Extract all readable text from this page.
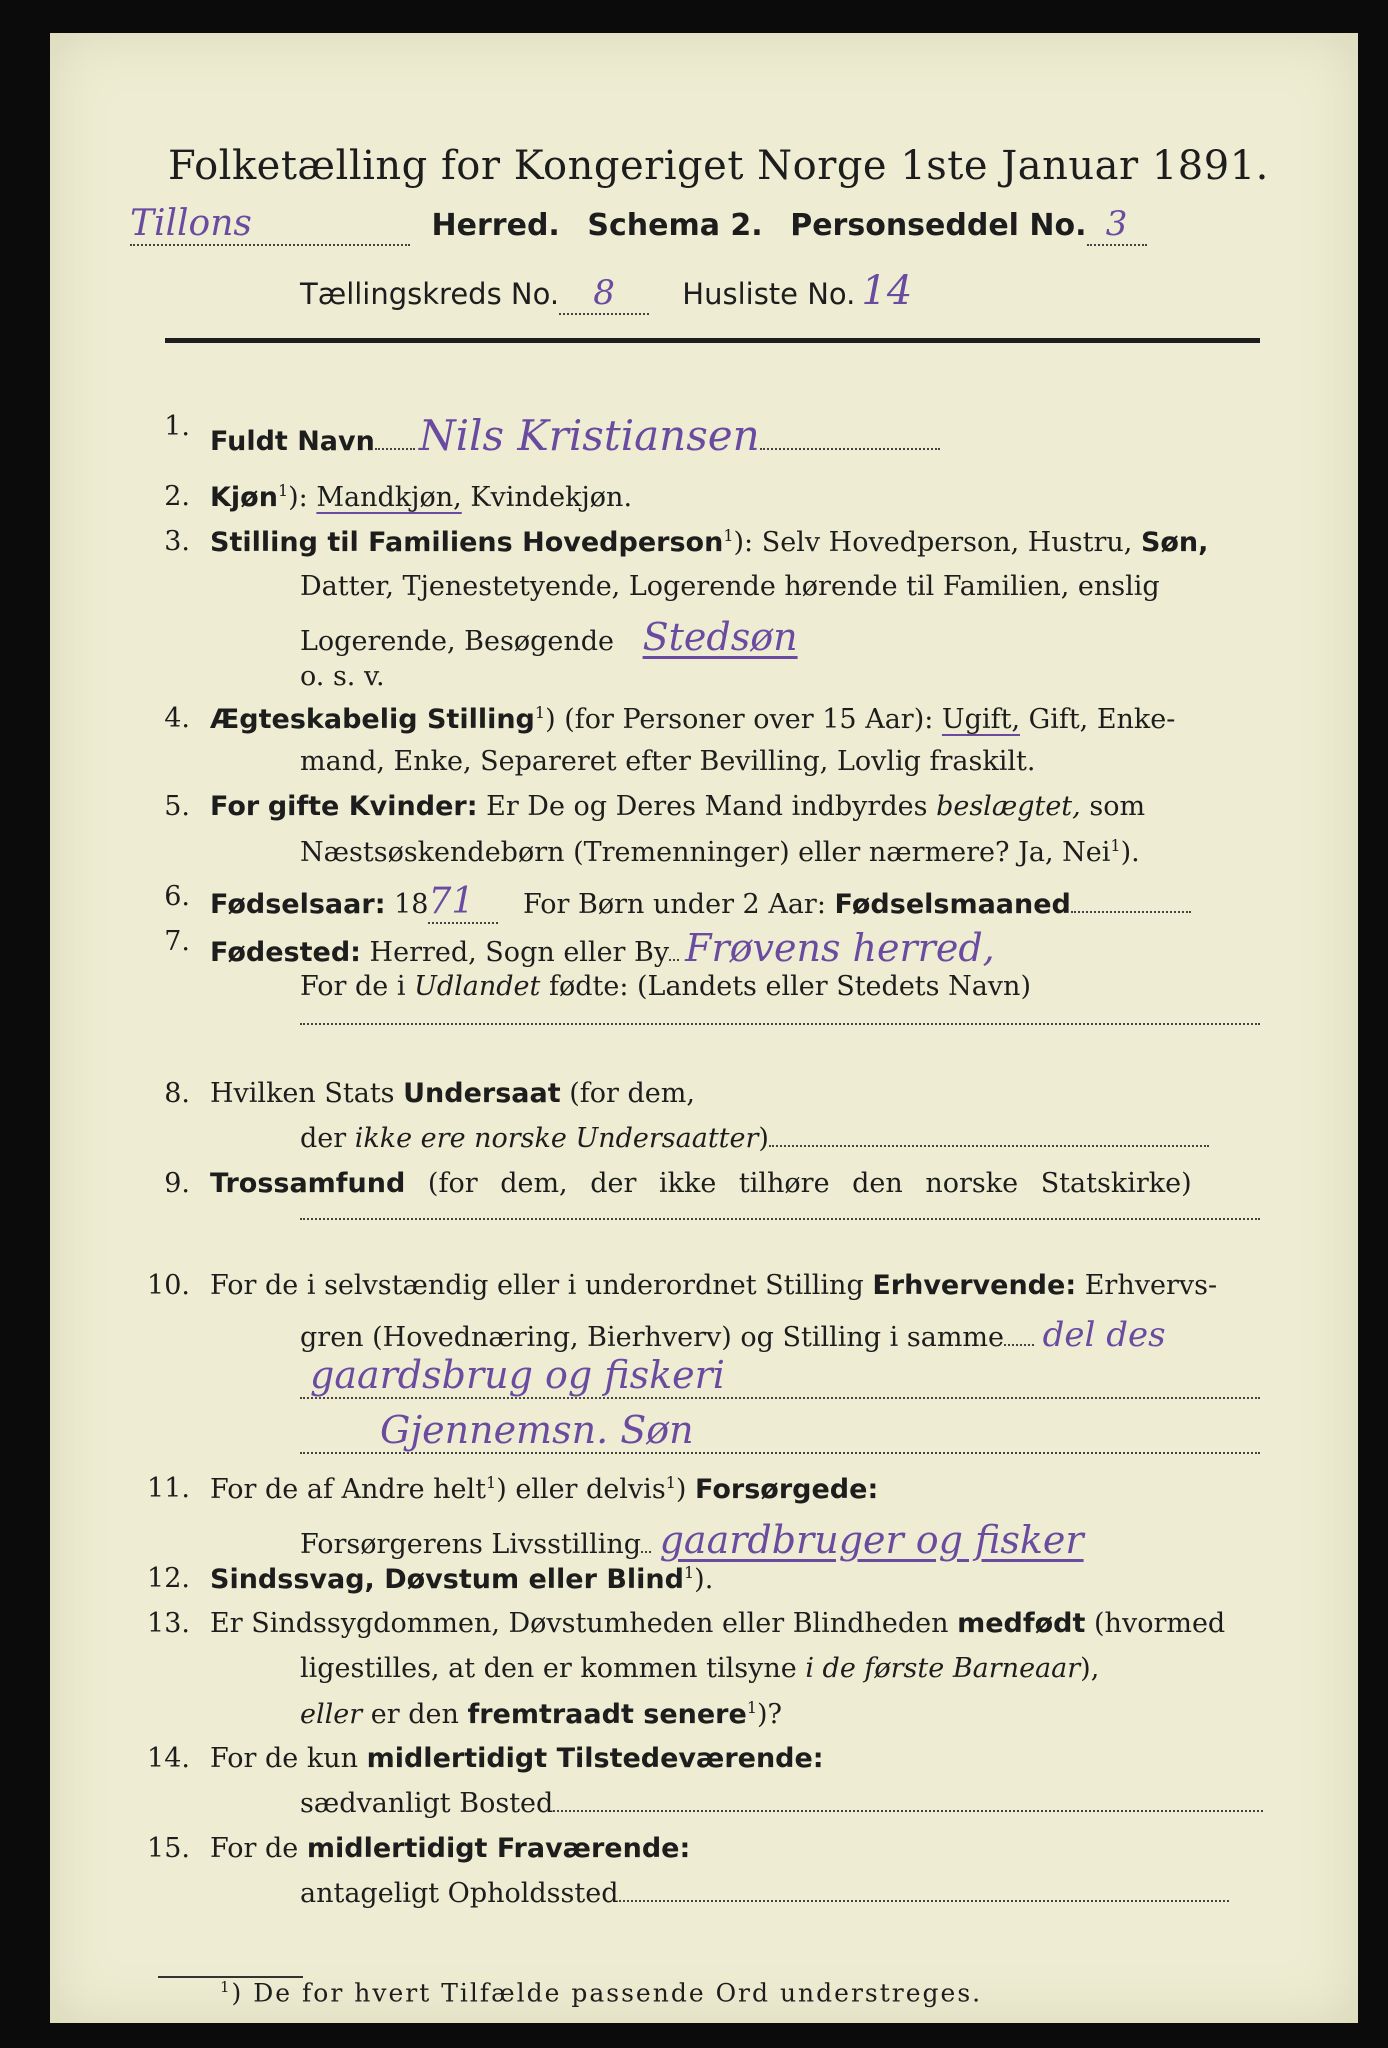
Folketælling for Kongeriget Norge 1ste Januar 1891.
Tillons	Herred. Schema 2. Personseddel No. 3
Tællingskreds No. 8 Husliste No. 14
1. Fuldt Navn Nils Kristiansen
2. Kjøn$^1$): Mandkjøn, Kvindekjøn.
3. Stilling til Familiens Hovedperson$^1$): Selv Hovedperson, Hustru, Søn,
Datter, Tjenestetyende, Logerende hørende til Familien, enslig
Logerende, Besøgende Stedsøn
o. s. v.
4. Ægteskabelig Stilling$^1$) (for Personer over 15 Aar): Ugift, Gift, Enke-
mand, Enke, Separeret efter Bevilling, Lovlig fraskilt.
5. For gifte Kvinder: Er De og Deres Mand indbyrdes beslægtet, som
Næstsøskendebørn (Tremenninger) eller nærmere? Ja, Nei$^1$).
6. Fødselsaar: 1871 For Børn under 2 Aar: Fødselsmaaned
7. Fødested: Herred, Sogn eller By Frøvens herred,
For de i Udlandet fødte: (Landets eller Stedets Navn)
8. Hvilken Stats Undersaat (for dem,
der ikke ere norske Undersaatter)
9. Trossamfund (for dem, der ikke tilhøre den norske Statskirke)
10. For de i selvstændig eller i underordnet Stilling Erhvervende: Erhvervs-
gren (Hovednæring, Bierhverv) og Stilling i samme del des
gaardsbrug og fiskeri
Gjennemsn. Søn
11. For de af Andre helt$^1$) eller delvis$^1$) Forsørgede:
Forsørgerens Livsstilling gaardbruger og fisker
12. Sindssvag, Døvstum eller Blind$^1$).
13. Er Sindssygdommen, Døvstumheden eller Blindheden medfødt (hvormed
ligestilles, at den er kommen tilsyne i de første Barneaar),
eller er den fremtraadt senere$^1$)?
14. For de kun midlertidigt Tilstedeværende:
sædvanligt Bosted
15. For de midlertidigt Fraværende:
antageligt Opholdssted
$^1$) De for hvert Tilfælde passende Ord understreges.
